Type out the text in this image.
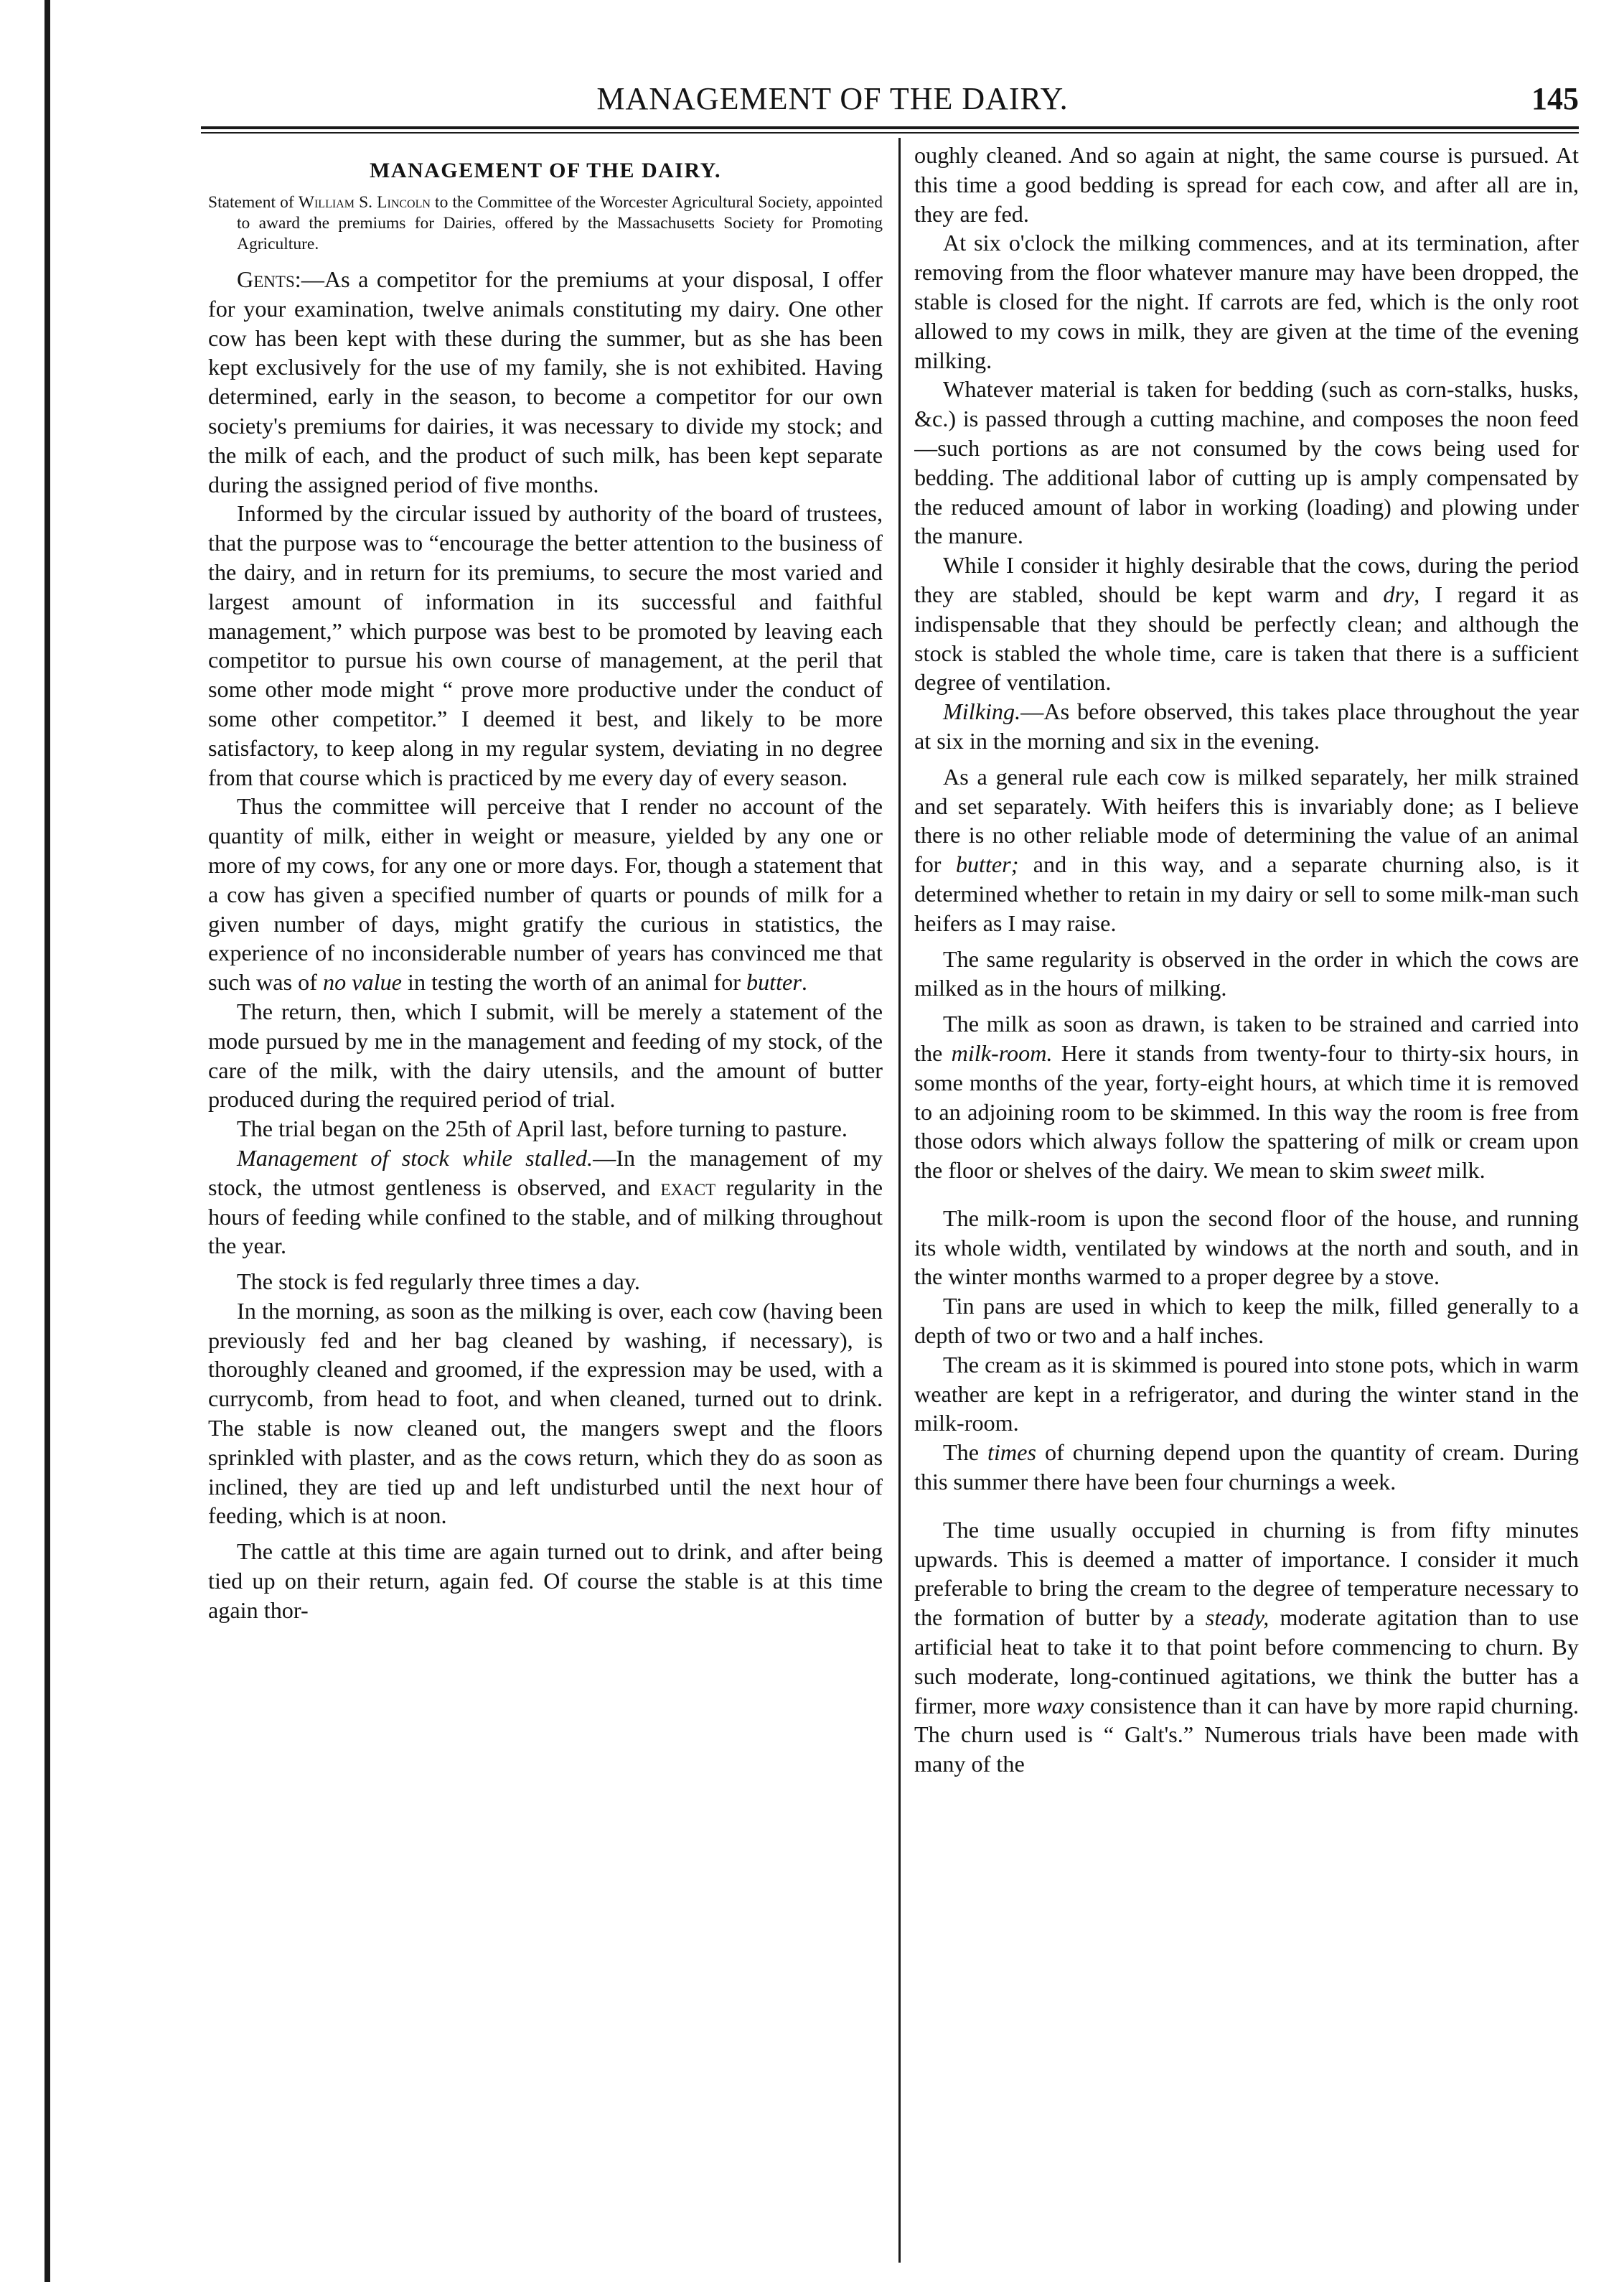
MANAGEMENT OF THE DAIRY.	145
MANAGEMENT OF THE DAIRY.
Statement of William S. Lincoln to the Committee of the Worcester Agricultural Society, appointed to award the premiums for Dairies, offered by the Massachusetts Society for Promoting Agriculture.

Gents:—As a competitor for the premiums at your disposal, I offer for your examination, twelve animals constituting my dairy. One other cow has been kept with these during the summer, but as she has been kept exclusively for the use of my family, she is not exhibited. Having determined, early in the season, to become a competitor for our own society's premiums for dairies, it was necessary to divide my stock; and the milk of each, and the product of such milk, has been kept separate during the assigned period of five months.

Informed by the circular issued by authority of the board of trustees, that the purpose was to “encourage the better attention to the business of the dairy, and in return for its premiums, to secure the most varied and largest amount of information in its successful and faithful management,” which purpose was best to be promoted by leaving each competitor to pursue his own course of management, at the peril that some other mode might “ prove more productive under the conduct of some other competitor.” I deemed it best, and likely to be more satisfactory, to keep along in my regular system, deviating in no degree from that course which is practiced by me every day of every season.

Thus the committee will perceive that I render no account of the quantity of milk, either in weight or measure, yielded by any one or more of my cows, for any one or more days. For, though a statement that a cow has given a specified number of quarts or pounds of milk for a given number of days, might gratify the curious in statistics, the experience of no inconsiderable number of years has convinced me that such was of no value in testing the worth of an animal for butter.

The return, then, which I submit, will be merely a statement of the mode pursued by me in the management and feeding of my stock, of the care of the milk, with the dairy utensils, and the amount of butter produced during the required period of trial.

The trial began on the 25th of April last, before turning to pasture.

Management of stock while stalled.—In the management of my stock, the utmost gentleness is observed, and exact regularity in the hours of feeding while confined to the stable, and of milking throughout the year.

The stock is fed regularly three times a day.

In the morning, as soon as the milking is over, each cow (having been previously fed and her bag cleaned by washing, if necessary), is thoroughly cleaned and groomed, if the expression may be used, with a currycomb, from head to foot, and when cleaned, turned out to drink. The stable is now cleaned out, the mangers swept and the floors sprinkled with plaster, and as the cows return, which they do as soon as inclined, they are tied up and left undisturbed until the next hour of feeding, which is at noon.

The cattle at this time are again turned out to drink, and after being tied up on their return, again fed. Of course the stable is at this time again thor-

oughly cleaned. And so again at night, the same course is pursued. At this time a good bedding is spread for each cow, and after all are in, they are fed.

At six o'clock the milking commences, and at its termination, after removing from the floor whatever manure may have been dropped, the stable is closed for the night. If carrots are fed, which is the only root allowed to my cows in milk, they are given at the time of the evening milking.

Whatever material is taken for bedding (such as corn-stalks, husks, &c.) is passed through a cutting machine, and composes the noon feed—such portions as are not consumed by the cows being used for bedding. The additional labor of cutting up is amply compensated by the reduced amount of labor in working (loading) and plowing under the manure.

While I consider it highly desirable that the cows, during the period they are stabled, should be kept warm and dry, I regard it as indispensable that they should be perfectly clean; and although the stock is stabled the whole time, care is taken that there is a sufficient degree of ventilation.

Milking.—As before observed, this takes place throughout the year at six in the morning and six in the evening.

As a general rule each cow is milked separately, her milk strained and set separately. With heifers this is invariably done; as I believe there is no other reliable mode of determining the value of an animal for butter; and in this way, and a separate churning also, is it determined whether to retain in my dairy or sell to some milk-man such heifers as I may raise.

The same regularity is observed in the order in which the cows are milked as in the hours of milking.

The milk as soon as drawn, is taken to be strained and carried into the milk-room. Here it stands from twenty-four to thirty-six hours, in some months of the year, forty-eight hours, at which time it is removed to an adjoining room to be skimmed. In this way the room is free from those odors which always follow the spattering of milk or cream upon the floor or shelves of the dairy. We mean to skim sweet milk.

The milk-room is upon the second floor of the house, and running its whole width, ventilated by windows at the north and south, and in the winter months warmed to a proper degree by a stove.

Tin pans are used in which to keep the milk, filled generally to a depth of two or two and a half inches.

The cream as it is skimmed is poured into stone pots, which in warm weather are kept in a refrigerator, and during the winter stand in the milk-room.

The times of churning depend upon the quantity of cream. During this summer there have been four churnings a week.

The time usually occupied in churning is from fifty minutes upwards. This is deemed a matter of importance. I consider it much preferable to bring the cream to the degree of temperature necessary to the formation of butter by a steady, moderate agitation than to use artificial heat to take it to that point before commencing to churn. By such moderate, long-continued agitations, we think the butter has a firmer, more waxy consistence than it can have by more rapid churning. The churn used is “ Galt's.” Numerous trials have been made with many of the
